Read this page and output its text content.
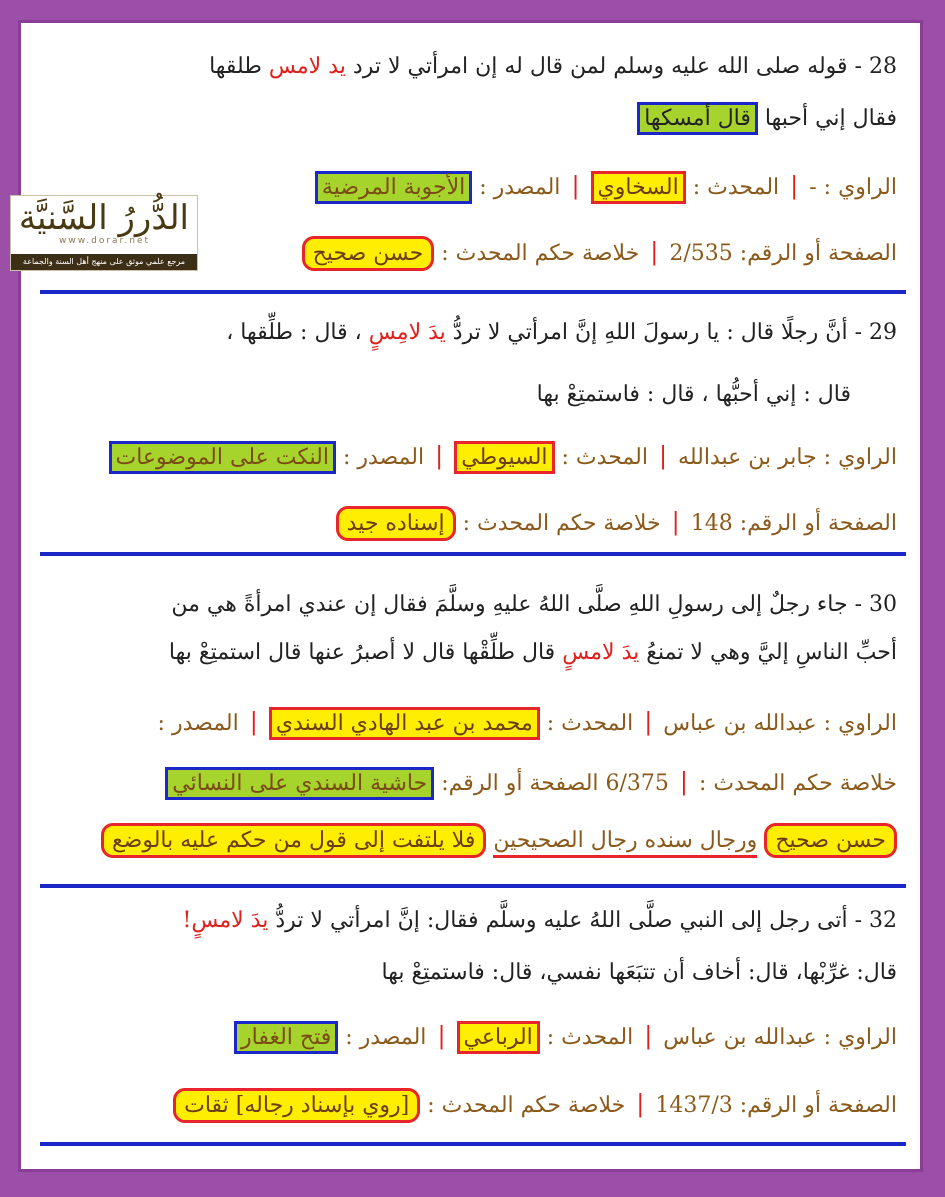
28 - قوله صلى الله عليه وسلم لمن قال له إن امرأتي لا ترد يد لامس طلقها
فقال إني أحبها قال أمسكها
الراوي : - | المحدث : السخاوي | المصدر : الأجوبة المرضية
الصفحة أو الرقم: 2/535 | خلاصة حكم المحدث : حسن صحيح
29 - أنَّ رجلًا قال : يا رسولَ اللهِ إنَّ امرأتي لا تردُّ يدَ لامِسٍ ، قال : طلِّقها ،
قال : إني أحبُّها ، قال : فاستمتِعْ بها
الراوي : جابر بن عبدالله | المحدث : السيوطي | المصدر : النكت على الموضوعات
الصفحة أو الرقم: 148 | خلاصة حكم المحدث : إسناده جيد
30 - جاء رجلٌ إلى رسولِ اللهِ صلَّى اللهُ عليهِ وسلَّمَ فقال إن عندي امرأةً هي من
أحبِّ الناسِ إليَّ وهي لا تمنعُ يدَ لامسٍ قال طلِّقْها قال لا أصبرُ عنها قال استمتِعْ بها
الراوي : عبدالله بن عباس | المحدث : محمد بن عبد الهادي السندي | المصدر :
خلاصة حكم المحدث : | 6/375 الصفحة أو الرقم: حاشية السندي على النسائي
حسن صحيح ورجال سنده رجال الصحيحين فلا يلتفت إلى قول من حكم عليه بالوضع
32 - أتى رجل إلى النبي صلَّى اللهُ عليه وسلَّم فقال: إنَّ امرأتي لا تردُّ يدَ لامسٍ!
قال: غرِّبْها، قال: أخاف أن تتبَعَها نفسي، قال: فاستمتِعْ بها
الراوي : عبدالله بن عباس | المحدث : الرباعي | المصدر : فتح الغفار
الصفحة أو الرقم: 1437/3 | خلاصة حكم المحدث : [روي بإسناد رجاله] ثقات
الدُّررُ السَّنيَّة
www.dorar.net
مرجع علمي موثق على منهج أهل السنة والجماعة
